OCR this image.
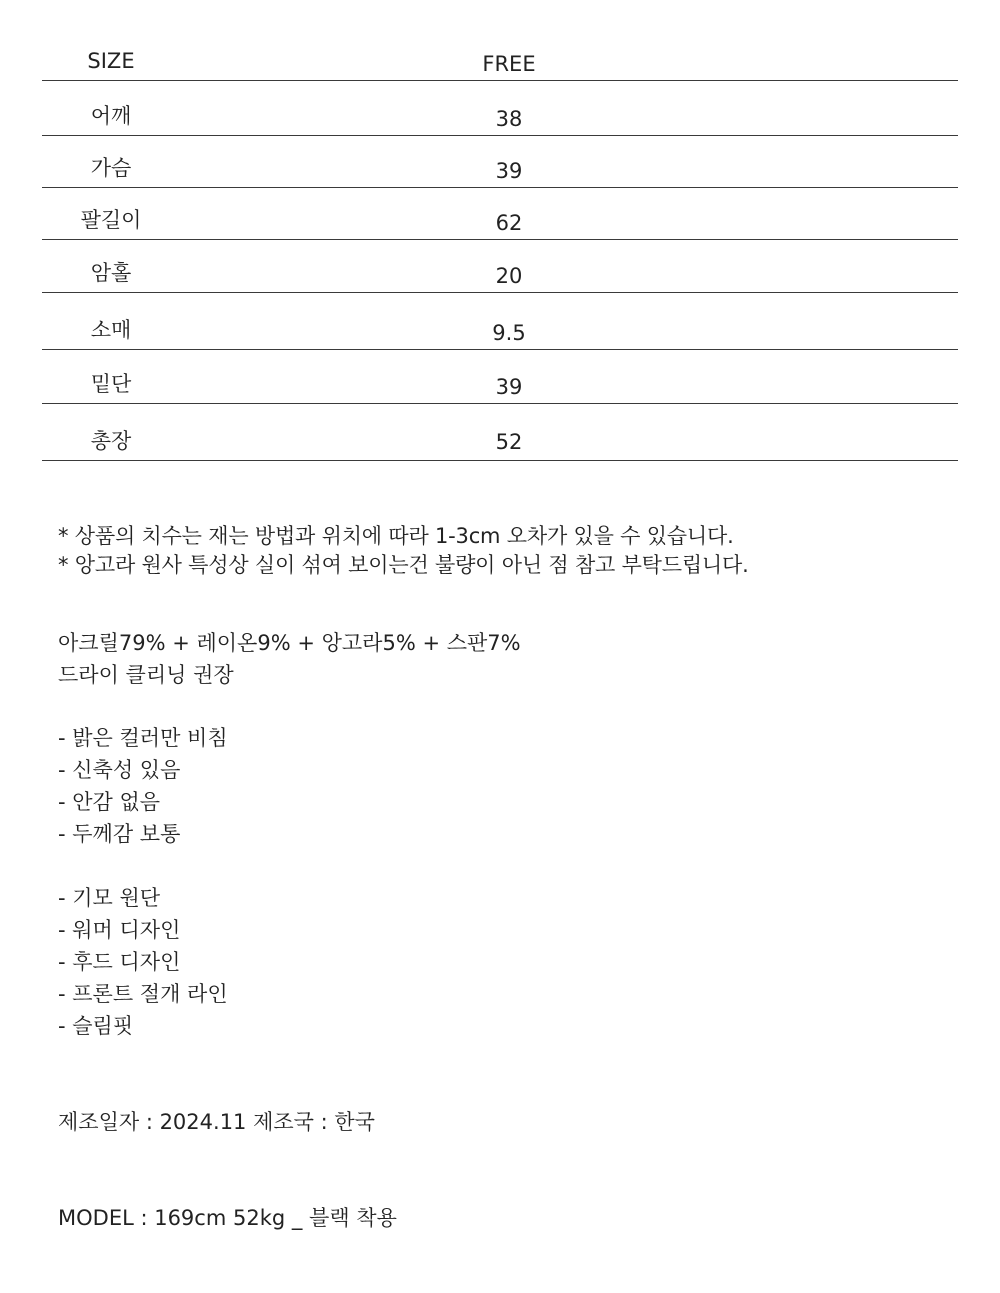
SIZE	FREE
어깨	38
가슴	39
팔길이	62
암홀	20
소매	9.5
밑단	39
총장	52
* 상품의 치수는 재는 방법과 위치에 따라 1-3cm 오차가 있을 수 있습니다.
* 앙고라 원사 특성상 실이 섞여 보이는건 불량이 아닌 점 참고 부탁드립니다.
아크릴79% + 레이온9% + 앙고라5% + 스판7%
드라이 클리닝 권장
- 밝은 컬러만 비침
- 신축성 있음
- 안감 없음
- 두께감 보통
- 기모 원단
- 워머 디자인
- 후드 디자인
- 프론트 절개 라인
- 슬림핏
제조일자 : 2024.11 제조국 : 한국
MODEL : 169cm 52kg _ 블랙 착용
